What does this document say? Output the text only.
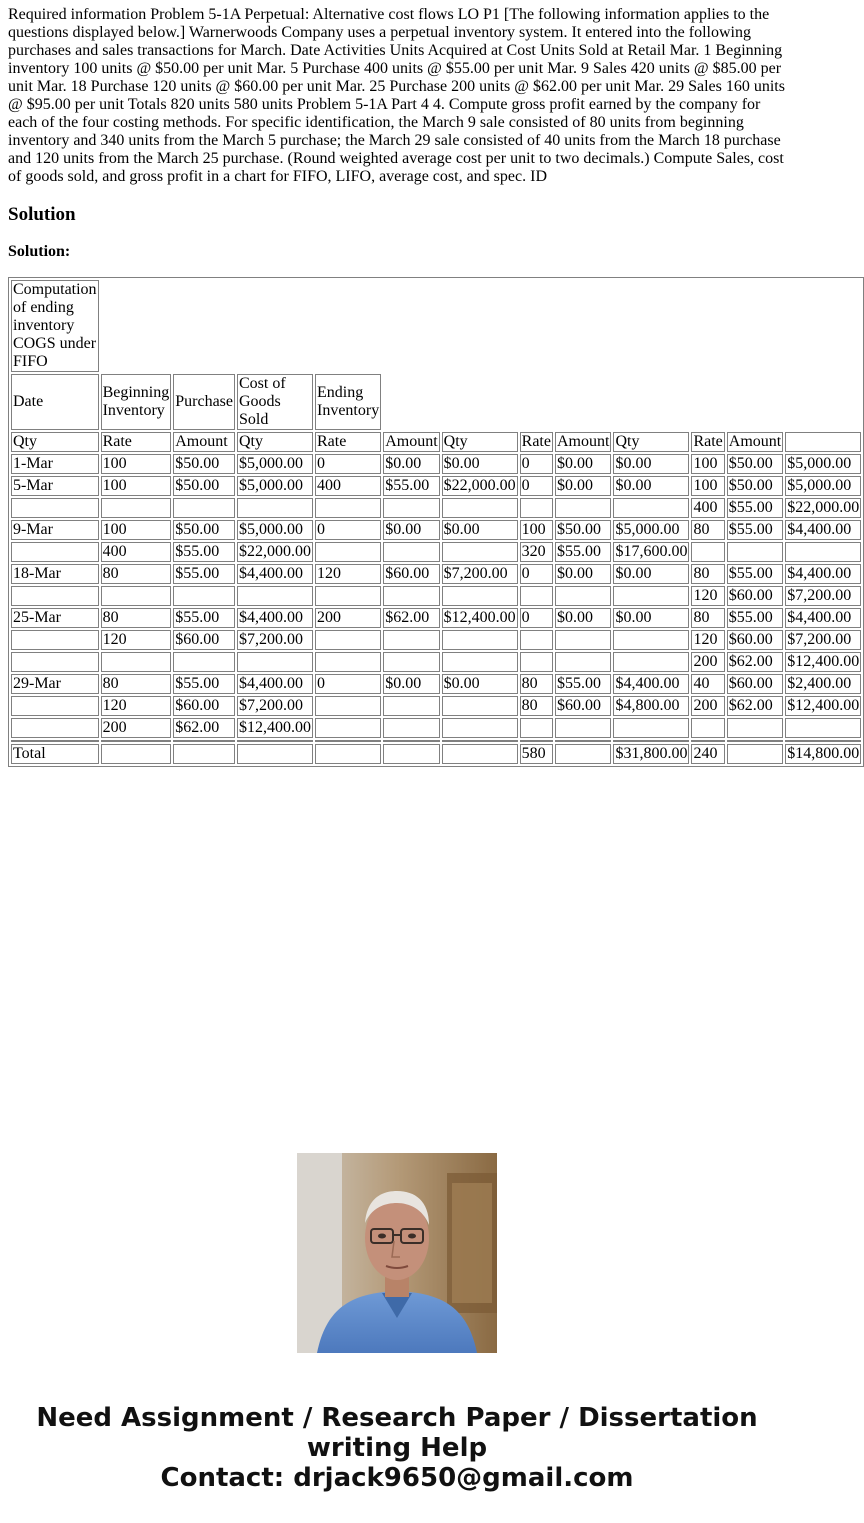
Required information Problem 5-1A Perpetual: Alternative cost flows LO P1 [The following information applies to the questions displayed below.] Warnerwoods Company uses a perpetual inventory system. It entered into the following purchases and sales transactions for March. Date Activities Units Acquired at Cost Units Sold at Retail Mar. 1 Beginning inventory 100 units @ $50.00 per unit Mar. 5 Purchase 400 units @ $55.00 per unit Mar. 9 Sales 420 units @ $85.00 per unit Mar. 18 Purchase 120 units @ $60.00 per unit Mar. 25 Purchase 200 units @ $62.00 per unit Mar. 29 Sales 160 units @ $95.00 per unit Totals 820 units 580 units Problem 5-1A Part 4 4. Compute gross profit earned by the company for each of the four costing methods. For specific identification, the March 9 sale consisted of 80 units from beginning inventory and 340 units from the March 5 purchase; the March 29 sale consisted of 40 units from the March 18 purchase and 120 units from the March 25 purchase. (Round weighted average cost per unit to two decimals.) Compute Sales, cost of goods sold, and gross profit in a chart for FIFO, LIFO, average cost, and spec. ID

Solution

Solution:

Computation of ending inventory COGS under FIFO												
Date	Beginning Inventory	Purchase	Cost of Goods Sold	Ending Inventory								
Qty	Rate	Amount	Qty	Rate	Amount	Qty	Rate	Amount	Qty	Rate	Amount	
1-Mar	100	$50.00	$5,000.00	0	$0.00	$0.00	0	$0.00	$0.00	100	$50.00	$5,000.00
5-Mar	100	$50.00	$5,000.00	400	$55.00	$22,000.00	0	$0.00	$0.00	100	$50.00	$5,000.00
										400	$55.00	$22,000.00
9-Mar	100	$50.00	$5,000.00	0	$0.00	$0.00	100	$50.00	$5,000.00	80	$55.00	$4,400.00
	400	$55.00	$22,000.00				320	$55.00	$17,600.00			
18-Mar	80	$55.00	$4,400.00	120	$60.00	$7,200.00	0	$0.00	$0.00	80	$55.00	$4,400.00
										120	$60.00	$7,200.00
25-Mar	80	$55.00	$4,400.00	200	$62.00	$12,400.00	0	$0.00	$0.00	80	$55.00	$4,400.00
	120	$60.00	$7,200.00							120	$60.00	$7,200.00
										200	$62.00	$12,400.00
29-Mar	80	$55.00	$4,400.00	0	$0.00	$0.00	80	$55.00	$4,400.00	40	$60.00	$2,400.00
	120	$60.00	$7,200.00				80	$60.00	$4,800.00	200	$62.00	$12,400.00
	200	$62.00	$12,400.00									

Total							580		$31,800.00	240		$14,800.00
Need Assignment / Research Paper / Dissertation
writing Help
Contact: drjack9650@gmail.com
